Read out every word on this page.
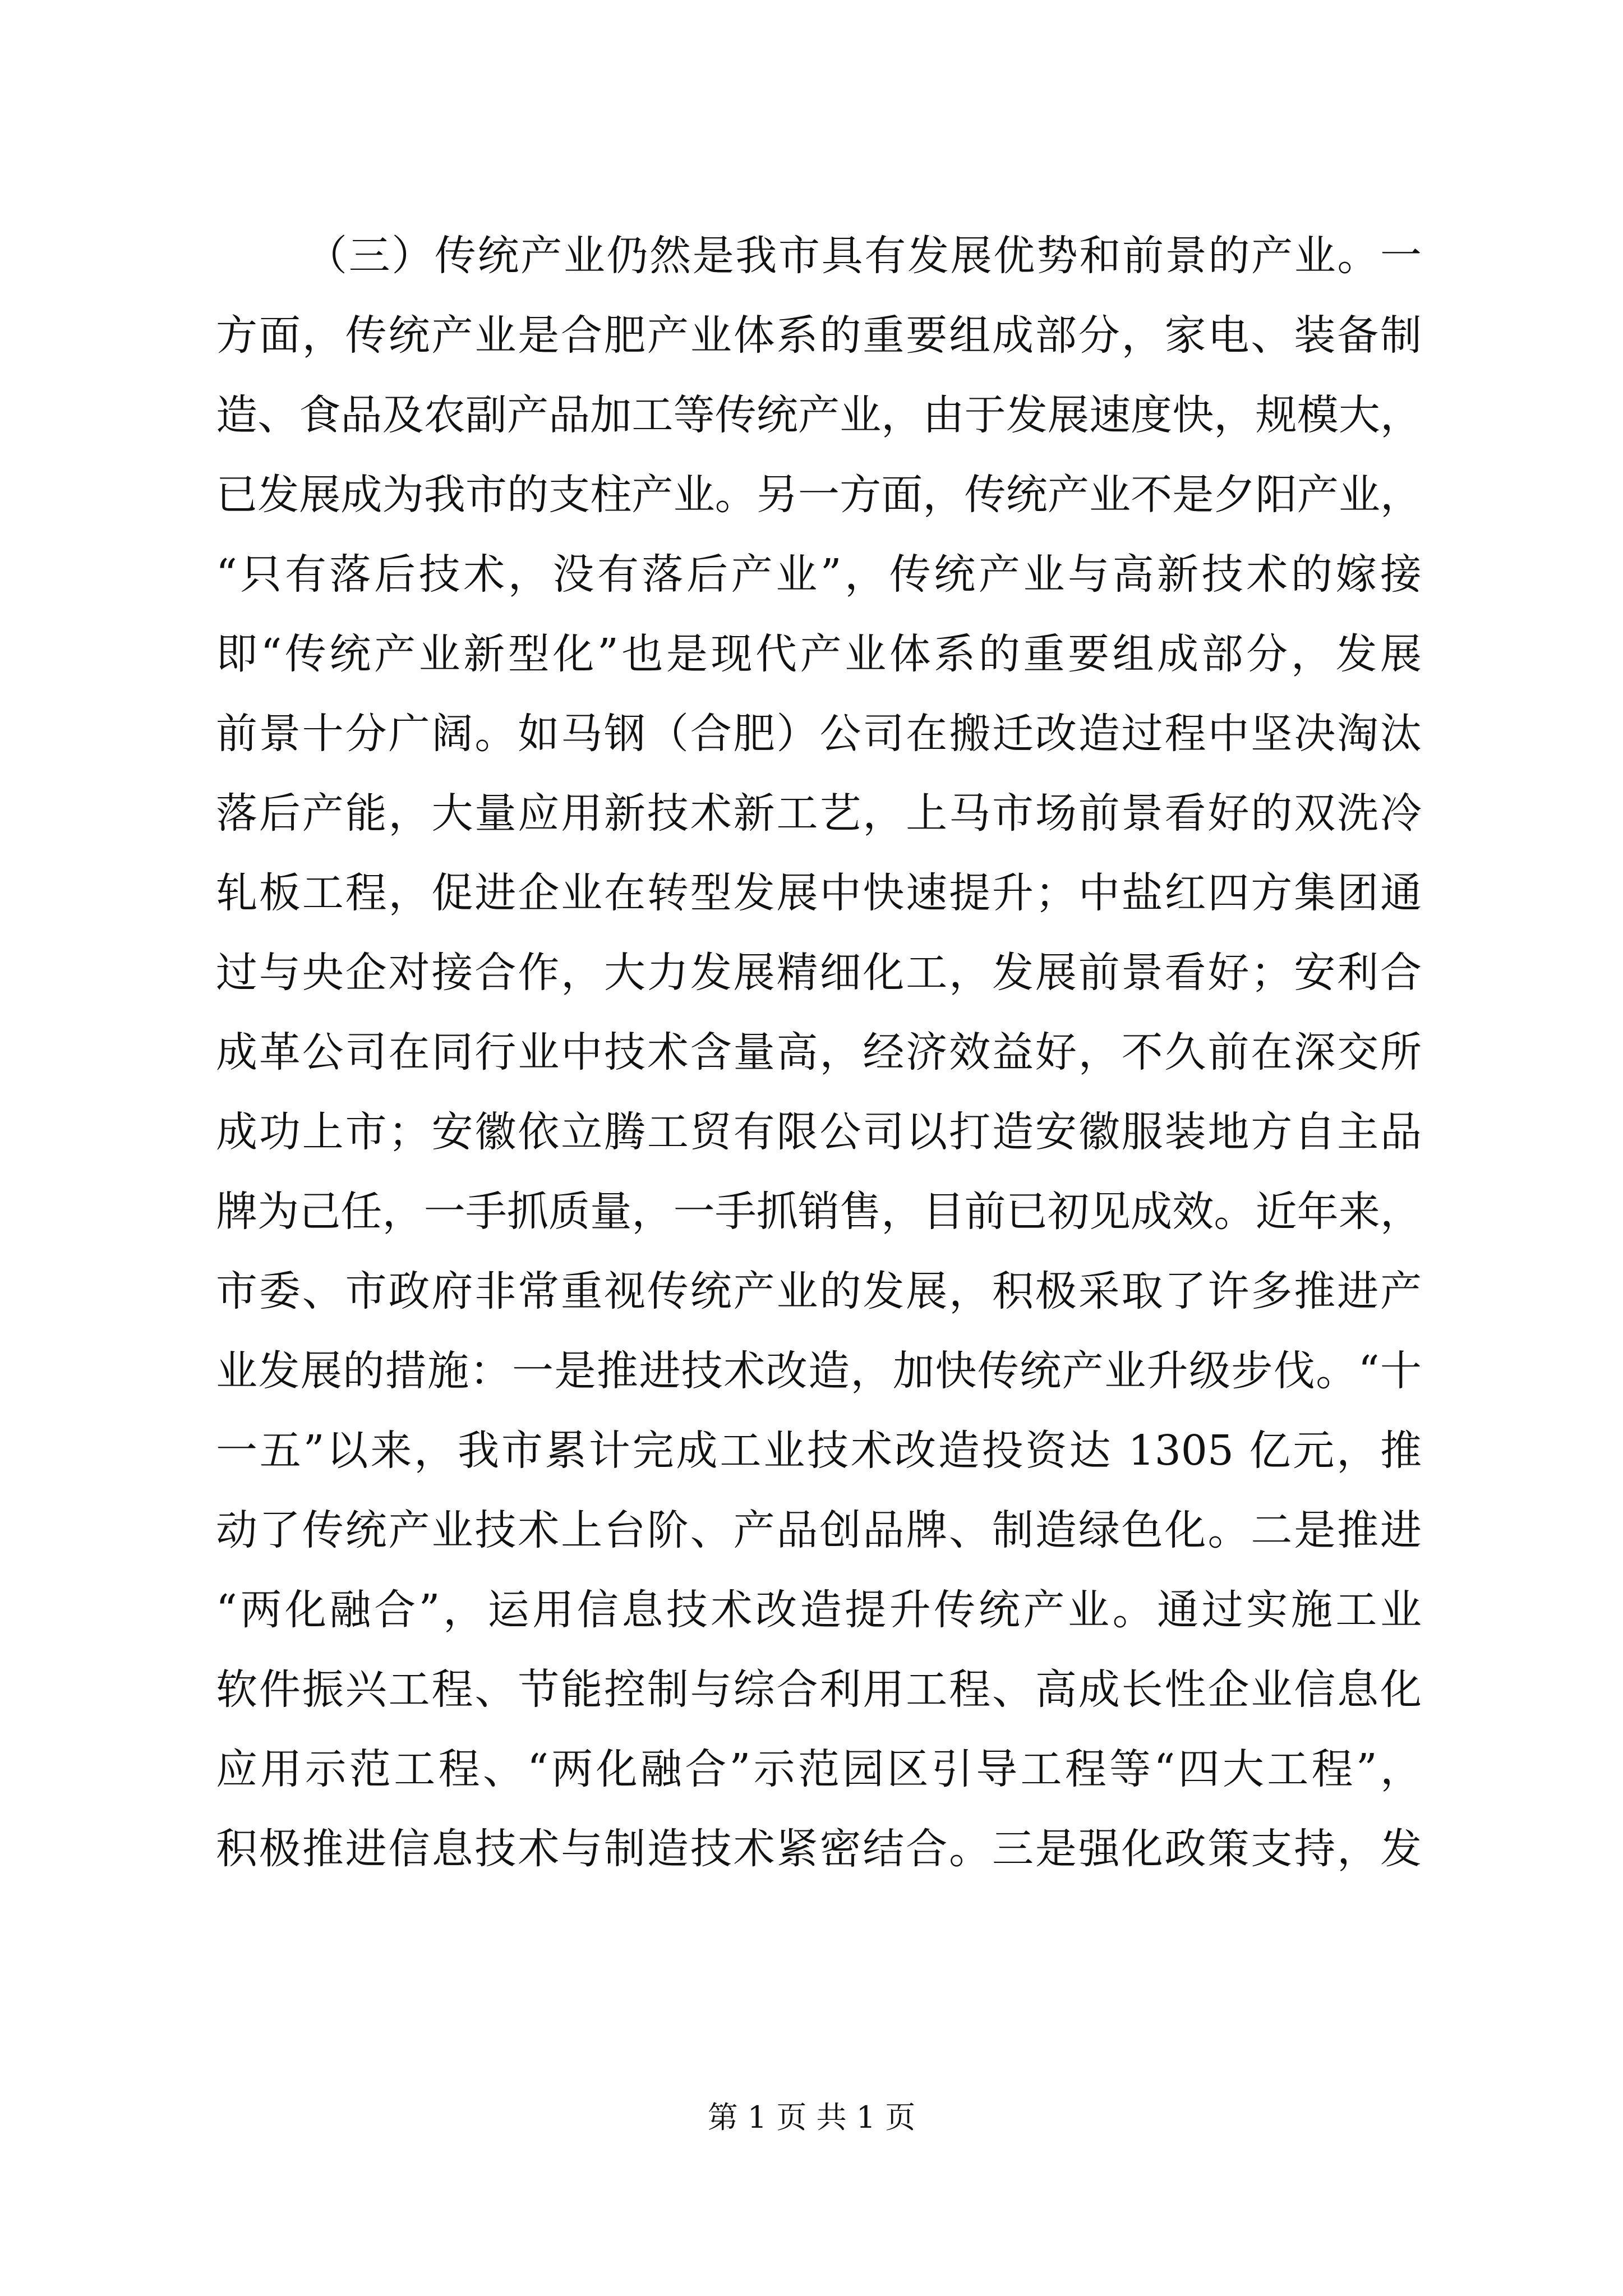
（三）传统产业仍然是我市具有发展优势和前景的产业。一
方面，传统产业是合肥产业体系的重要组成部分，家电、装备制
造、食品及农副产品加工等传统产业，由于发展速度快，规模大，
已发展成为我市的支柱产业。另一方面，传统产业不是夕阳产业，
“只有落后技术，没有落后产业”，传统产业与高新技术的嫁接
即“传统产业新型化”也是现代产业体系的重要组成部分，发展
前景十分广阔。如马钢（合肥）公司在搬迁改造过程中坚决淘汰
落后产能，大量应用新技术新工艺，上马市场前景看好的双洗冷
轧板工程，促进企业在转型发展中快速提升；中盐红四方集团通
过与央企对接合作，大力发展精细化工，发展前景看好；安利合
成革公司在同行业中技术含量高，经济效益好，不久前在深交所
成功上市；安徽依立腾工贸有限公司以打造安徽服装地方自主品
牌为己任，一手抓质量，一手抓销售，目前已初见成效。近年来，
市委、市政府非常重视传统产业的发展，积极采取了许多推进产
业发展的措施：一是推进技术改造，加快传统产业升级步伐。“十
一五”以来，我市累计完成工业技术改造投资达 1305 亿元，推
动了传统产业技术上台阶、产品创品牌、制造绿色化。二是推进
“两化融合”，运用信息技术改造提升传统产业。通过实施工业
软件振兴工程、节能控制与综合利用工程、高成长性企业信息化
应用示范工程、“两化融合”示范园区引导工程等“四大工程”，
积极推进信息技术与制造技术紧密结合。三是强化政策支持，发
第 1 页 共 1 页
